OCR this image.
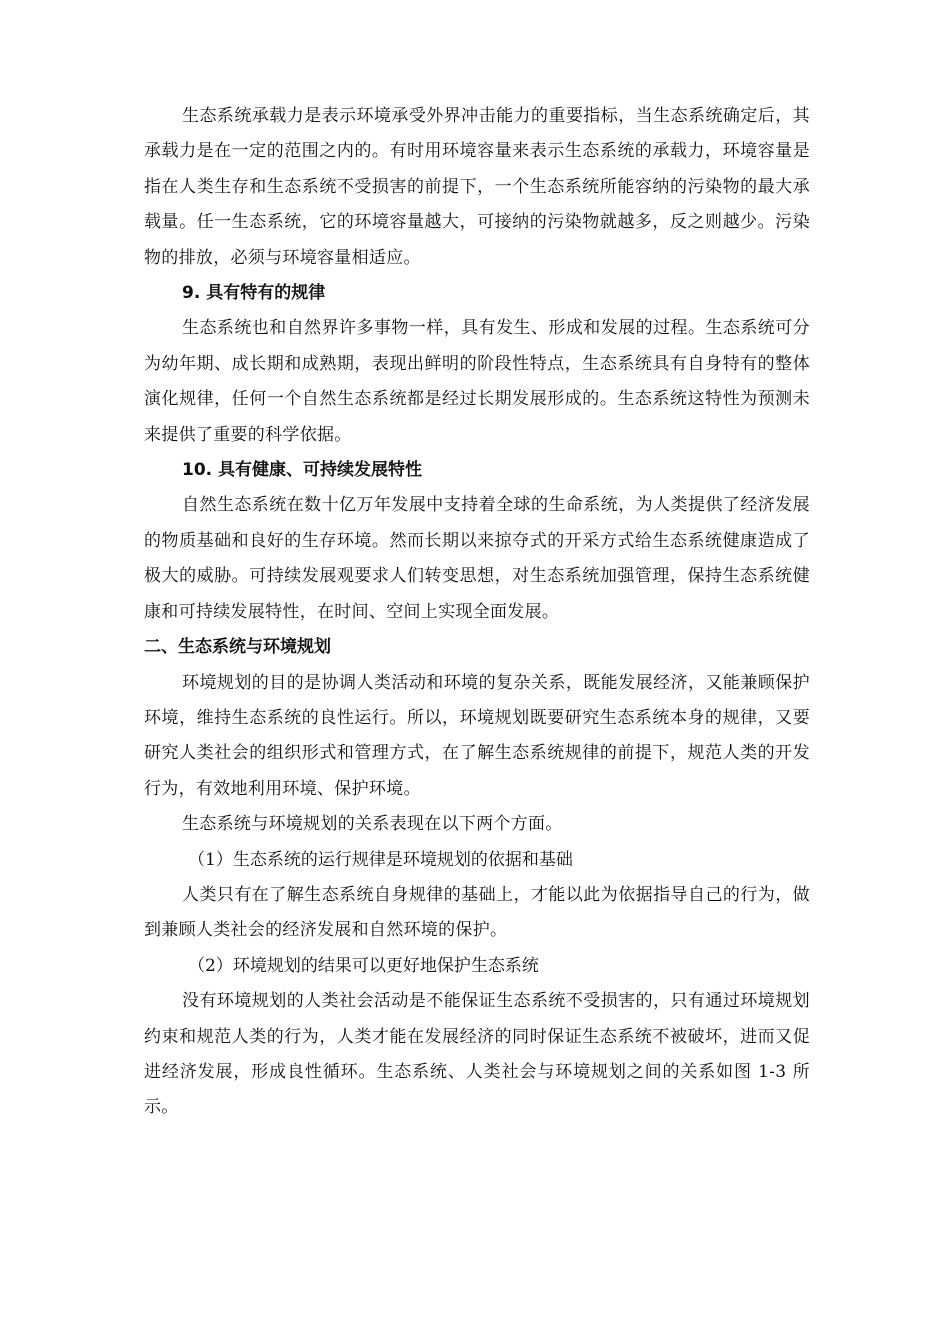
生态系统承载力是表示环境承受外界冲击能力的重要指标，当生态系统确定后，其承载力是在一定的范围之内的。有时用环境容量来表示生态系统的承载力，环境容量是指在人类生存和生态系统不受损害的前提下，一个生态系统所能容纳的污染物的最大承载量。任一生态系统，它的环境容量越大，可接纳的污染物就越多，反之则越少。污染物的排放，必须与环境容量相适应。

9. 具有特有的规律

生态系统也和自然界许多事物一样，具有发生、形成和发展的过程。生态系统可分为幼年期、成长期和成熟期，表现出鲜明的阶段性特点，生态系统具有自身特有的整体演化规律，任何一个自然生态系统都是经过长期发展形成的。生态系统这特性为预测未来提供了重要的科学依据。

10. 具有健康、可持续发展特性

自然生态系统在数十亿万年发展中支持着全球的生命系统，为人类提供了经济发展的物质基础和良好的生存环境。然而长期以来掠夺式的开采方式给生态系统健康造成了极大的威胁。可持续发展观要求人们转变思想，对生态系统加强管理，保持生态系统健康和可持续发展特性，在时间、空间上实现全面发展。

二、生态系统与环境规划

环境规划的目的是协调人类活动和环境的复杂关系，既能发展经济，又能兼顾保护环境，维持生态系统的良性运行。所以，环境规划既要研究生态系统本身的规律，又要研究人类社会的组织形式和管理方式，在了解生态系统规律的前提下，规范人类的开发行为，有效地利用环境、保护环境。

生态系统与环境规划的关系表现在以下两个方面。

（1）生态系统的运行规律是环境规划的依据和基础

人类只有在了解生态系统自身规律的基础上，才能以此为依据指导自己的行为，做到兼顾人类社会的经济发展和自然环境的保护。

（2）环境规划的结果可以更好地保护生态系统

没有环境规划的人类社会活动是不能保证生态系统不受损害的，只有通过环境规划约束和规范人类的行为，人类才能在发展经济的同时保证生态系统不被破坏，进而又促进经济发展，形成良性循环。生态系统、人类社会与环境规划之间的关系如图 1-3 所示。
